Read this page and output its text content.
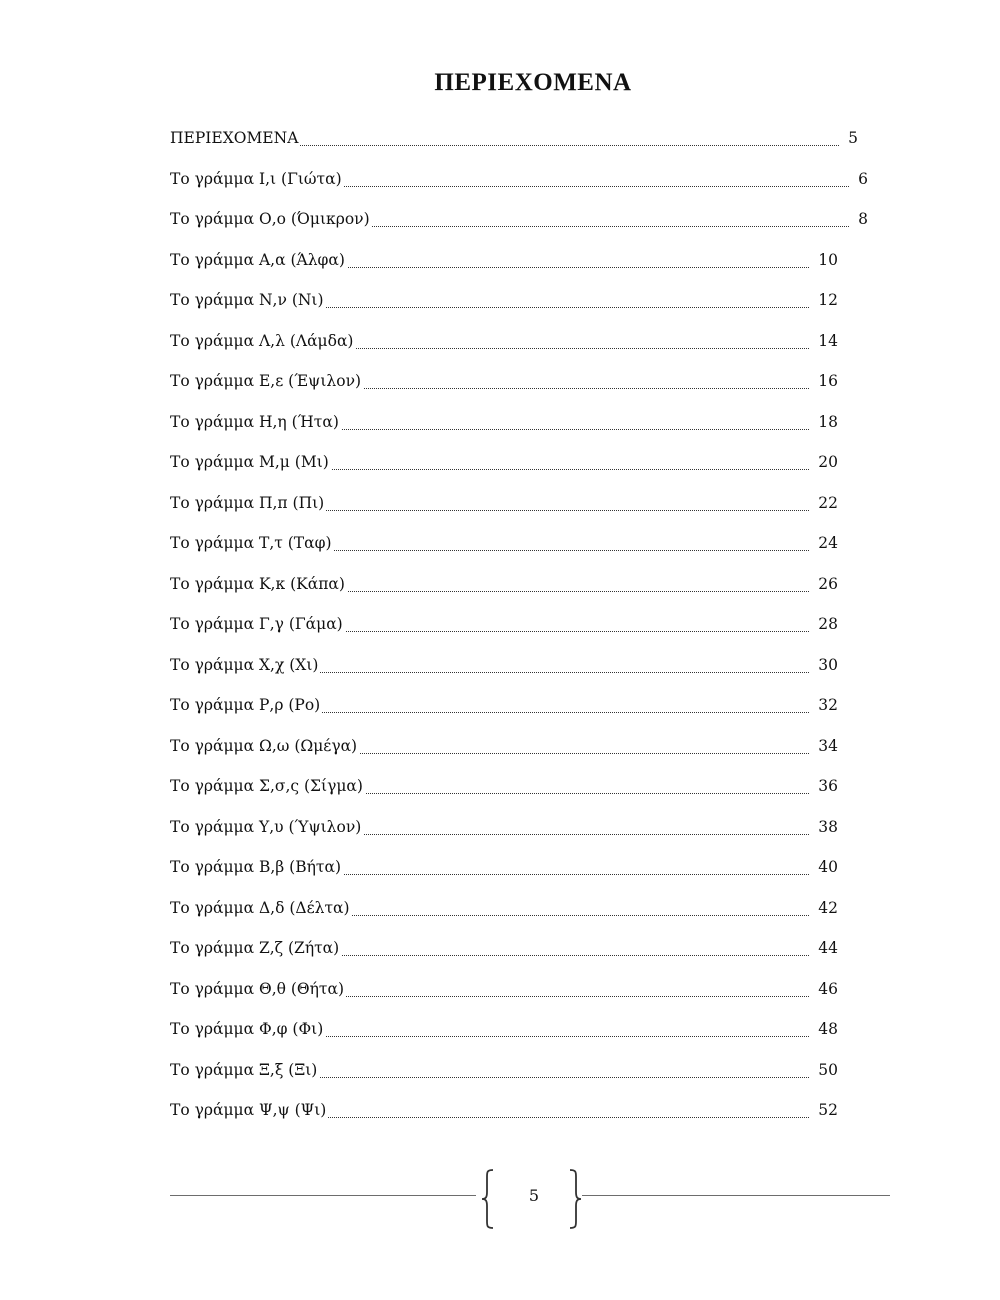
ΠΕΡΙΕΧΟΜΕΝΑ
ΠΕΡΙΕΧΟΜΕΝΑ	5
Το γράμμα Ι,ι (Γιώτα)	6
Το γράμμα Ο,ο (Όμικρον)	8
Το γράμμα Α,α (Άλφα)	10
Το γράμμα Ν,ν (Νι)	12
Το γράμμα Λ,λ (Λάμδα)	14
Το γράμμα Ε,ε (Έψιλον)	16
Το γράμμα Η,η (Ήτα)	18
Το γράμμα Μ,μ (Μι)	20
Το γράμμα Π,π (Πι)	22
Το γράμμα Τ,τ (Ταφ)	24
Το γράμμα Κ,κ (Κάπα)	26
Το γράμμα Γ,γ (Γάμα)	28
Το γράμμα Χ,χ (Χι)	30
Το γράμμα Ρ,ρ (Ρο)	32
Το γράμμα Ω,ω (Ωμέγα)	34
Το γράμμα Σ,σ,ς (Σίγμα)	36
Το γράμμα Υ,υ (Ύψιλον)	38
Το γράμμα Β,β (Βήτα)	40
Το γράμμα Δ,δ (Δέλτα)	42
Το γράμμα Ζ,ζ (Ζήτα)	44
Το γράμμα Θ,θ (Θήτα)	46
Το γράμμα Φ,φ (Φι)	48
Το γράμμα Ξ,ξ (Ξι)	50
Το γράμμα Ψ,ψ (Ψι)	52
5
